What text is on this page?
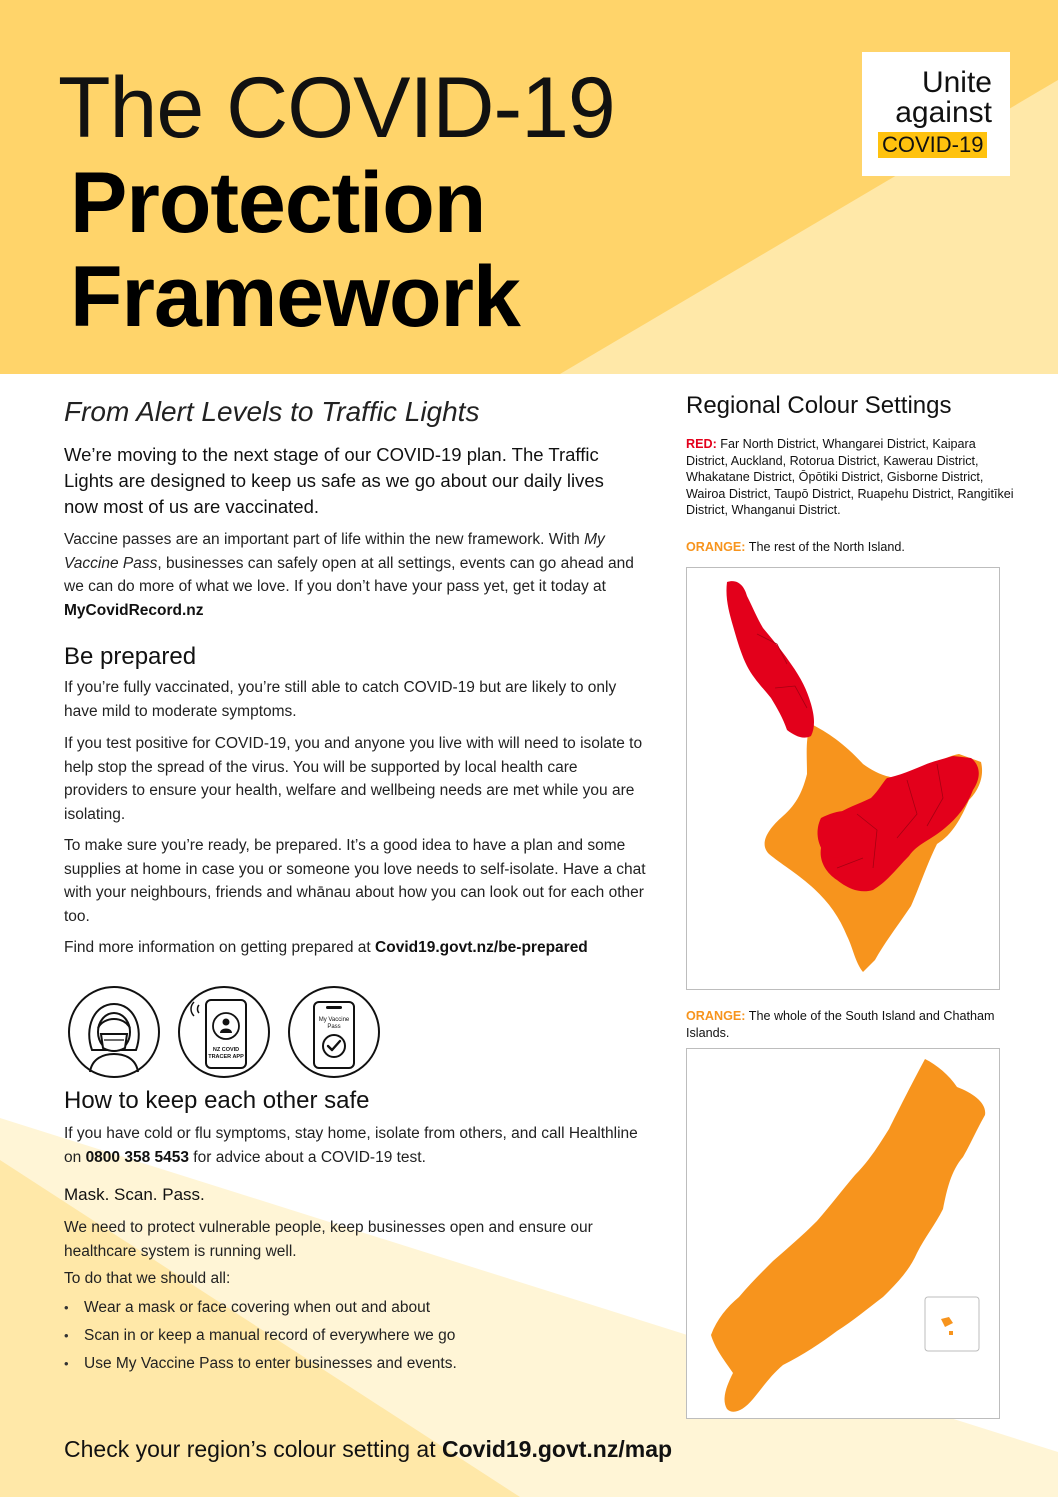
The COVID-19
Protection
Framework
Unite
against
COVID-19
From Alert Levels to Traffic Lights

We’re moving to the next stage of our COVID-19 plan. The Traffic Lights are designed to keep us safe as we go about our daily lives now most of us are vaccinated.

Vaccine passes are an important part of life within the new framework. With My Vaccine Pass, businesses can safely open at all settings, events can go ahead and we can do more of what we love. If you don’t have your pass yet, get it today at MyCovidRecord.nz

Be prepared

If you’re fully vaccinated, you’re still able to catch COVID-19 but are likely to only have mild to moderate symptoms.

If you test positive for COVID-19, you and anyone you live with will need to isolate to help stop the spread of the virus. You will be supported by local health care providers to ensure your health, welfare and wellbeing needs are met while you are isolating.

To make sure you’re ready, be prepared. It’s a good idea to have a plan and some supplies at home in case you or someone you love needs to self-isolate. Have a chat with your neighbours, friends and whānau about how you can look out for each other too.

Find more information on getting prepared at Covid19.govt.nz/be-prepared

NZ COVID
TRACER APP
My Vaccine
Pass
How to keep each other safe

If you have cold or flu symptoms, stay home, isolate from others, and call Healthline on 0800 358 5453 for advice about a COVID-19 test.

Mask. Scan. Pass.

We need to protect vulnerable people, keep businesses open and ensure our healthcare system is running well.

To do that we should all:

• Wear a mask or face covering when out and about
• Scan in or keep a manual record of everywhere we go
• Use My Vaccine Pass to enter businesses and events.

Check your region’s colour setting at Covid19.govt.nz/map

Regional Colour Settings

RED: Far North District, Whangarei District, Kaipara District, Auckland, Rotorua District, Kawerau District, Whakatane District, Ōpōtiki District, Gisborne District, Wairoa District, Taupō District, Ruapehu District, Rangitīkei District, Whanganui District.

ORANGE: The rest of the North Island.

ORANGE: The whole of the South Island and Chatham Islands.
